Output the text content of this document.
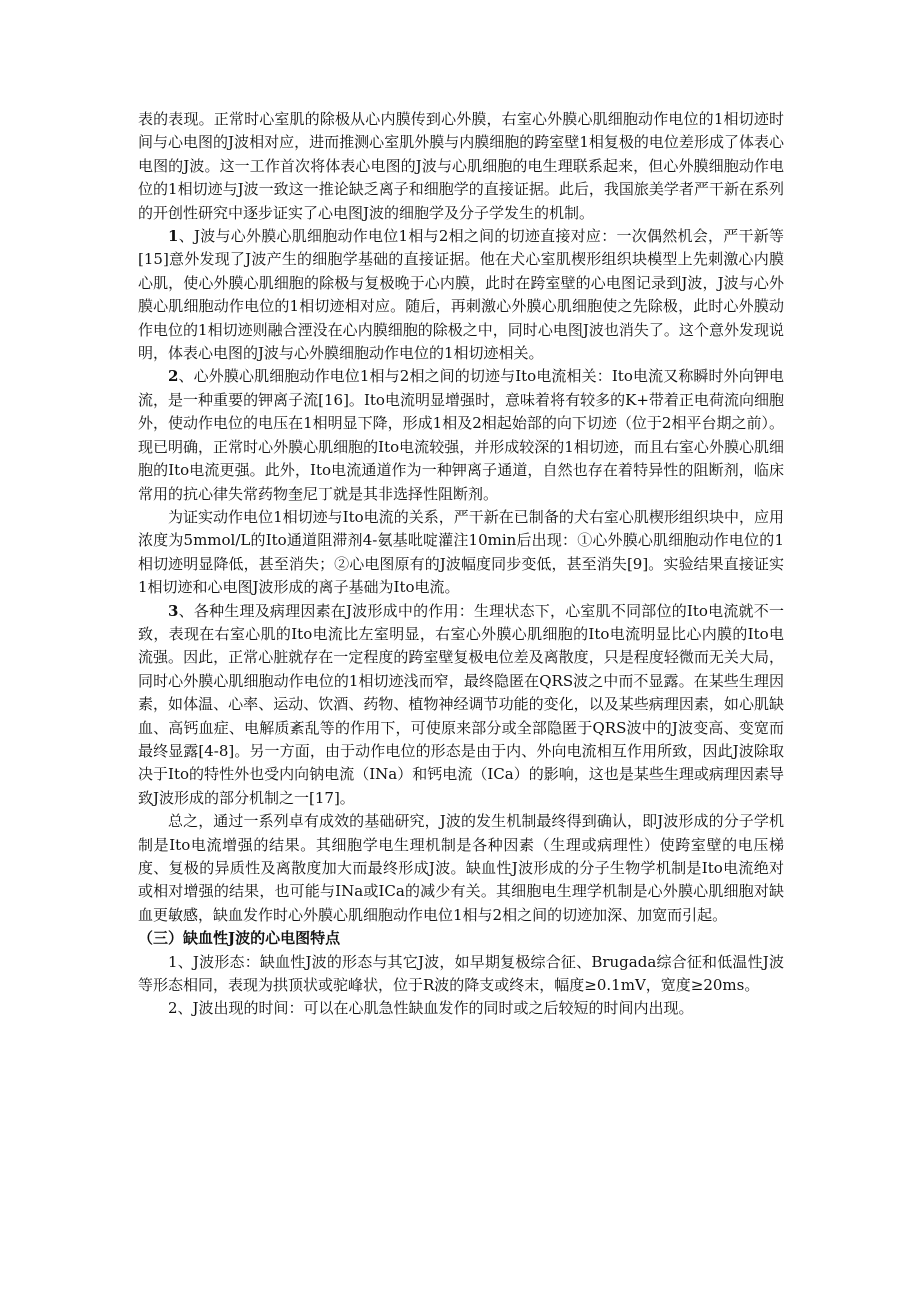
表的表现。正常时心室肌的除极从心内膜传到心外膜，右室心外膜心肌细胞动作电位的1相切迹时间与心电图的J波相对应，进而推测心室肌外膜与内膜细胞的跨室壁1相复极的电位差形成了体表心电图的J波。这一工作首次将体表心电图的J波与心肌细胞的电生理联系起来，但心外膜细胞动作电位的1相切迹与J波一致这一推论缺乏离子和细胞学的直接证据。此后，我国旅美学者严干新在系列的开创性研究中逐步证实了心电图J波的细胞学及分子学发生的机制。

1、J波与心外膜心肌细胞动作电位1相与2相之间的切迹直接对应：一次偶然机会，严干新等[15]意外发现了J波产生的细胞学基础的直接证据。他在犬心室肌楔形组织块模型上先刺激心内膜心肌，使心外膜心肌细胞的除极与复极晚于心内膜，此时在跨室壁的心电图记录到J波，J波与心外膜心肌细胞动作电位的1相切迹相对应。随后，再刺激心外膜心肌细胞使之先除极，此时心外膜动作电位的1相切迹则融合湮没在心内膜细胞的除极之中，同时心电图J波也消失了。这个意外发现说明，体表心电图的J波与心外膜细胞动作电位的1相切迹相关。

2、心外膜心肌细胞动作电位1相与2相之间的切迹与Ito电流相关：Ito电流又称瞬时外向钾电流，是一种重要的钾离子流[16]。Ito电流明显增强时，意味着将有较多的K+带着正电荷流向细胞外，使动作电位的电压在1相明显下降，形成1相及2相起始部的向下切迹（位于2相平台期之前）。现已明确，正常时心外膜心肌细胞的Ito电流较强，并形成较深的1相切迹，而且右室心外膜心肌细胞的Ito电流更强。此外，Ito电流通道作为一种钾离子通道，自然也存在着特异性的阻断剂，临床常用的抗心律失常药物奎尼丁就是其非选择性阻断剂。

为证实动作电位1相切迹与Ito电流的关系，严干新在已制备的犬右室心肌楔形组织块中，应用浓度为5mmol/L的Ito通道阻滞剂4-氨基吡啶灌注10min后出现：①心外膜心肌细胞动作电位的1相切迹明显降低，甚至消失；②心电图原有的J波幅度同步变低，甚至消失[9]。实验结果直接证实1相切迹和心电图J波形成的离子基础为Ito电流。

3、各种生理及病理因素在J波形成中的作用：生理状态下，心室肌不同部位的Ito电流就不一致，表现在右室心肌的Ito电流比左室明显，右室心外膜心肌细胞的Ito电流明显比心内膜的Ito电流强。因此，正常心脏就存在一定程度的跨室壁复极电位差及离散度，只是程度轻微而无关大局，同时心外膜心肌细胞动作电位的1相切迹浅而窄，最终隐匿在QRS波之中而不显露。在某些生理因素，如体温、心率、运动、饮酒、药物、植物神经调节功能的变化，以及某些病理因素，如心肌缺血、高钙血症、电解质紊乱等的作用下，可使原来部分或全部隐匿于QRS波中的J波变高、变宽而最终显露[4-8]。另一方面，由于动作电位的形态是由于内、外向电流相互作用所致，因此J波除取决于Ito的特性外也受内向钠电流（INa）和钙电流（ICa）的影响，这也是某些生理或病理因素导致J波形成的部分机制之一[17]。

总之，通过一系列卓有成效的基础研究，J波的发生机制最终得到确认，即J波形成的分子学机制是Ito电流增强的结果。其细胞学电生理机制是各种因素（生理或病理性）使跨室壁的电压梯度、复极的异质性及离散度加大而最终形成J波。缺血性J波形成的分子生物学机制是Ito电流绝对或相对增强的结果，也可能与INa或ICa的减少有关。其细胞电生理学机制是心外膜心肌细胞对缺血更敏感，缺血发作时心外膜心肌细胞动作电位1相与2相之间的切迹加深、加宽而引起。

（三）缺血性J波的心电图特点

1、J波形态：缺血性J波的形态与其它J波，如早期复极综合征、Brugada综合征和低温性J波等形态相同，表现为拱顶状或驼峰状，位于R波的降支或终末，幅度≥0.1mV，宽度≥20ms。

2、J波出现的时间：可以在心肌急性缺血发作的同时或之后较短的时间内出现。
